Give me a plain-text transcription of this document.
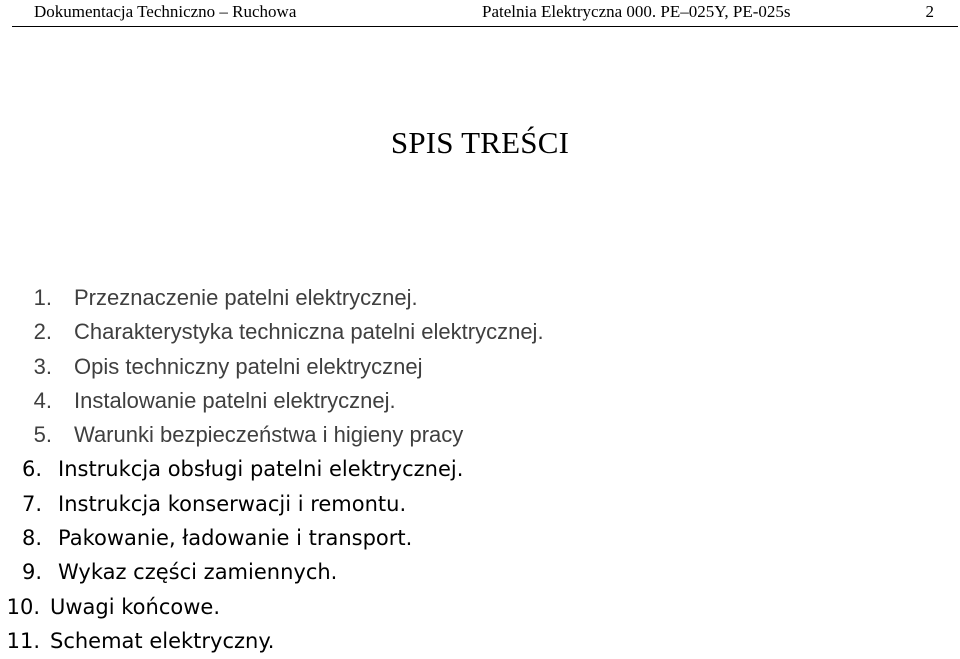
Dokumentacja Techniczno – Ruchowa	Patelnia Elektryczna 000. PE–025Y, PE-025s	2
SPIS TREŚCI
1. Przeznaczenie patelni elektrycznej.
2. Charakterystyka techniczna patelni elektrycznej.
3. Opis techniczny patelni elektrycznej
4. Instalowanie patelni elektrycznej.
5. Warunki bezpieczeństwa i higieny pracy
6. Instrukcja obsługi patelni elektrycznej.
7. Instrukcja konserwacji i remontu.
8. Pakowanie, ładowanie i transport.
9. Wykaz części zamiennych.
10. Uwagi końcowe.
11. Schemat elektryczny.
